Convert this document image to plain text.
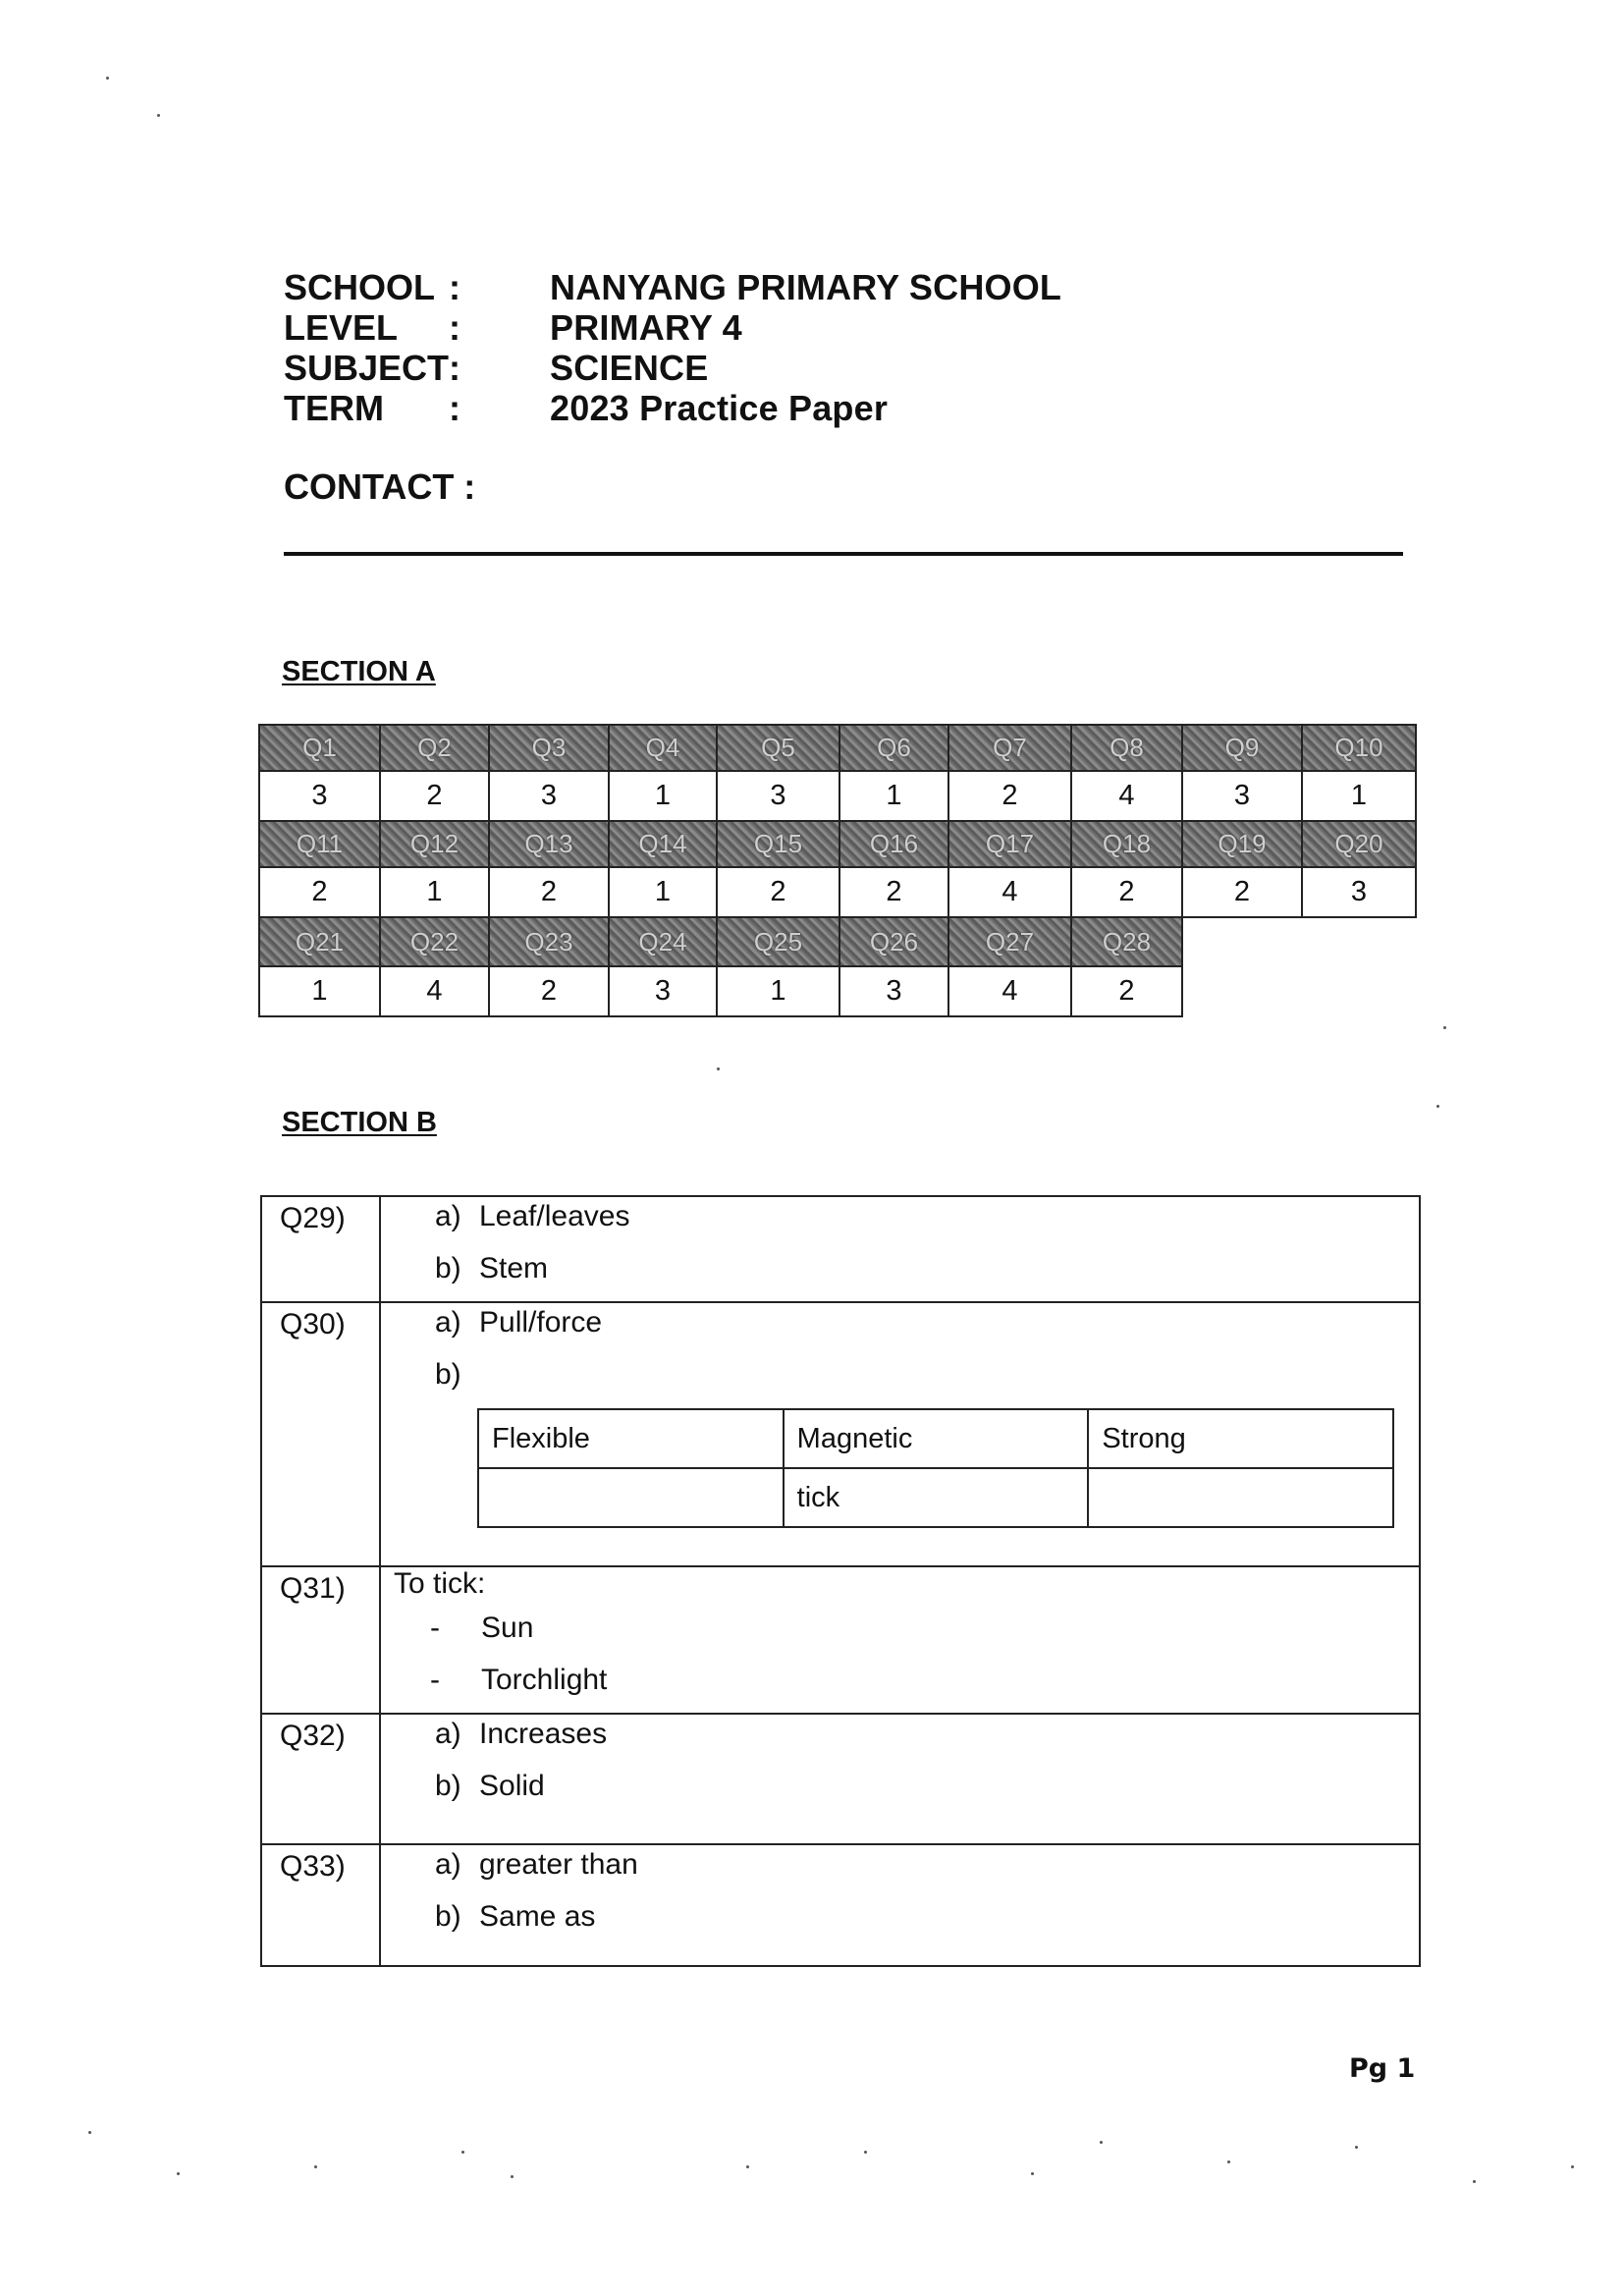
SCHOOL :	NANYANG PRIMARY SCHOOL
LEVEL	:	PRIMARY 4
SUBJECT :	SCIENCE
TERM	:	2023 Practice Paper
CONTACT :
SECTION A
Q1	Q2	Q3	Q4	Q5	Q6	Q7	Q8	Q9	Q10
3	2	3	1	3	1	2	4	3	1
Q11	Q12	Q13	Q14	Q15	Q16	Q17	Q18	Q19	Q20
2	1	2	1	2	2	4	2	2	3
Q21	Q22	Q23	Q24	Q25	Q26	Q27	Q28		
1	4	2	3	1	3	4	2		
SECTION B
Q29)	a) Leaf/leaves
b) Stem

Q30)	a) Pull/force
b)
Flexible	Magnetic	Strong
	tick	

Q31)	To tick:
- Sun
- Torchlight

Q32)	a) Increases
b) Solid

Q33)	a) greater than
b) Same as
Pg 1
